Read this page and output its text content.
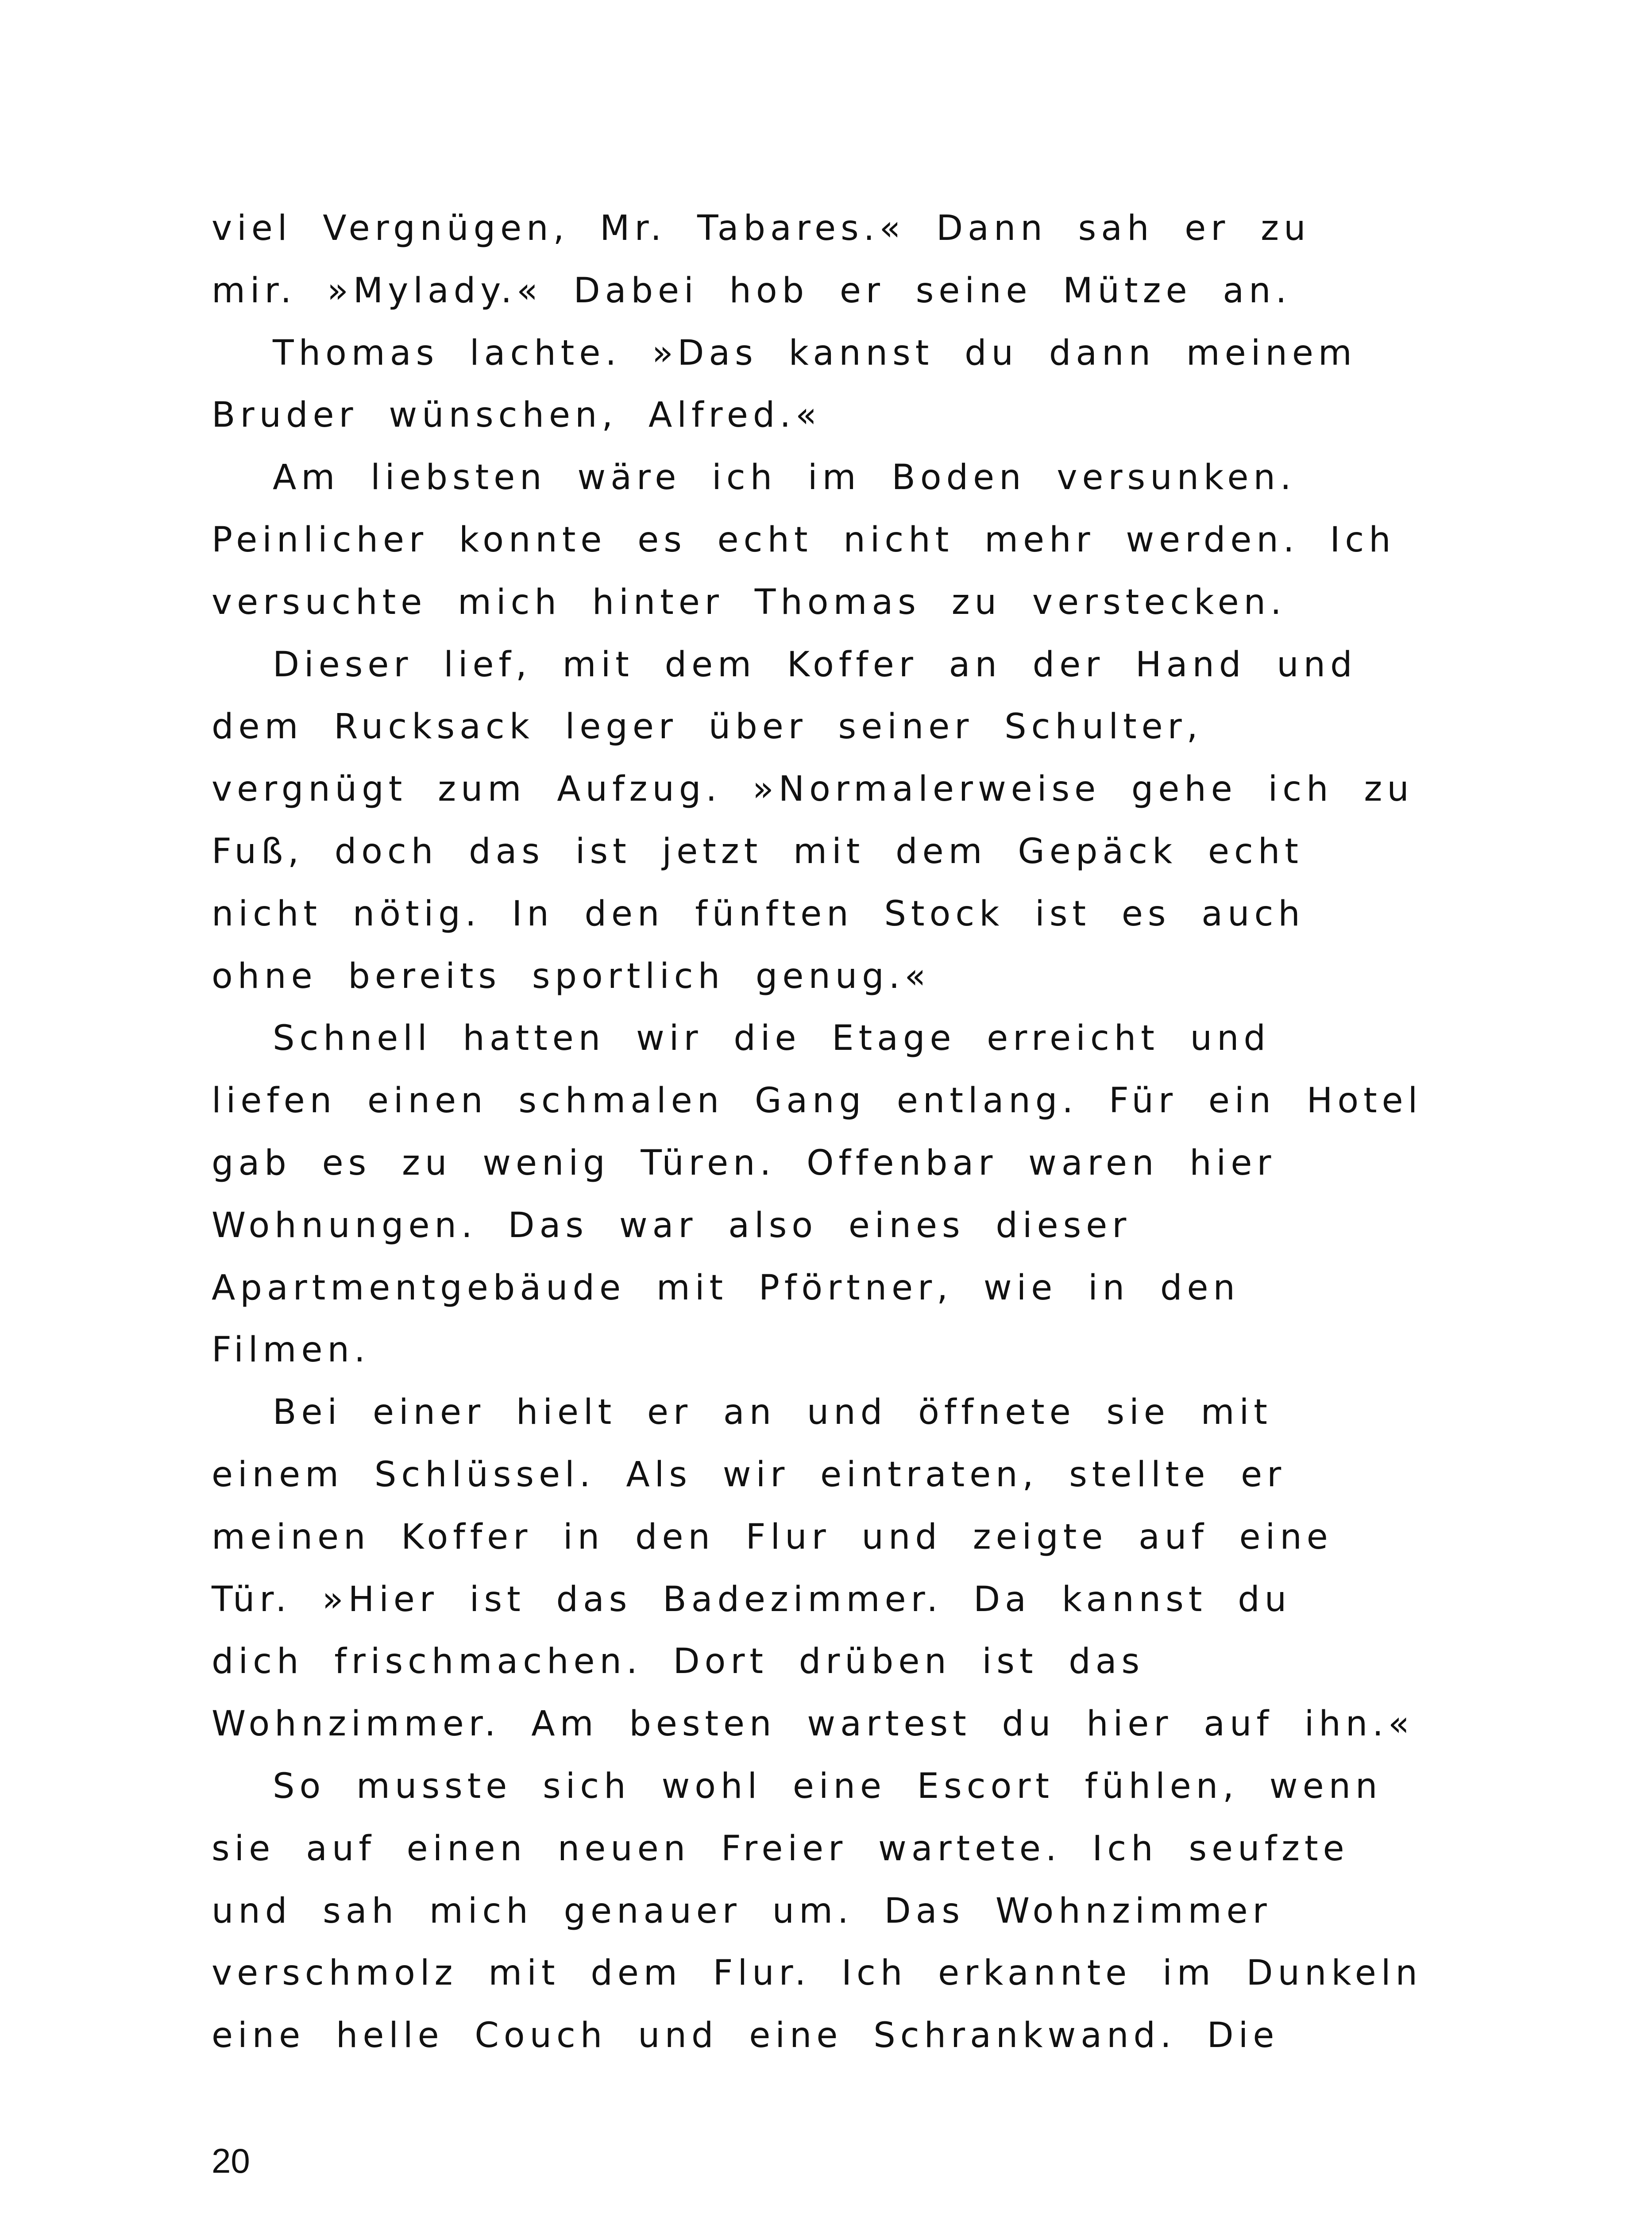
viel Vergnügen, Mr. Tabares.« Dann sah er zu
mir. »Mylady.« Dabei hob er seine Mütze an.
Thomas lachte. »Das kannst du dann meinem
Bruder wünschen, Alfred.«
Am liebsten wäre ich im Boden versunken.
Peinlicher konnte es echt nicht mehr werden. Ich
versuchte mich hinter Thomas zu verstecken.
Dieser lief, mit dem Koffer an der Hand und
dem Rucksack leger über seiner Schulter,
vergnügt zum Aufzug. »Normalerweise gehe ich zu
Fuß, doch das ist jetzt mit dem Gepäck echt
nicht nötig. In den fünften Stock ist es auch
ohne bereits sportlich genug.«
Schnell hatten wir die Etage erreicht und
liefen einen schmalen Gang entlang. Für ein Hotel
gab es zu wenig Türen. Offenbar waren hier
Wohnungen. Das war also eines dieser
Apartmentgebäude mit Pförtner, wie in den
Filmen.
Bei einer hielt er an und öffnete sie mit
einem Schlüssel. Als wir eintraten, stellte er
meinen Koffer in den Flur und zeigte auf eine
Tür. »Hier ist das Badezimmer. Da kannst du
dich frischmachen. Dort drüben ist das
Wohnzimmer. Am besten wartest du hier auf ihn.«
So musste sich wohl eine Escort fühlen, wenn
sie auf einen neuen Freier wartete. Ich seufzte
und sah mich genauer um. Das Wohnzimmer
verschmolz mit dem Flur. Ich erkannte im Dunkeln
eine helle Couch und eine Schrankwand. Die
20
